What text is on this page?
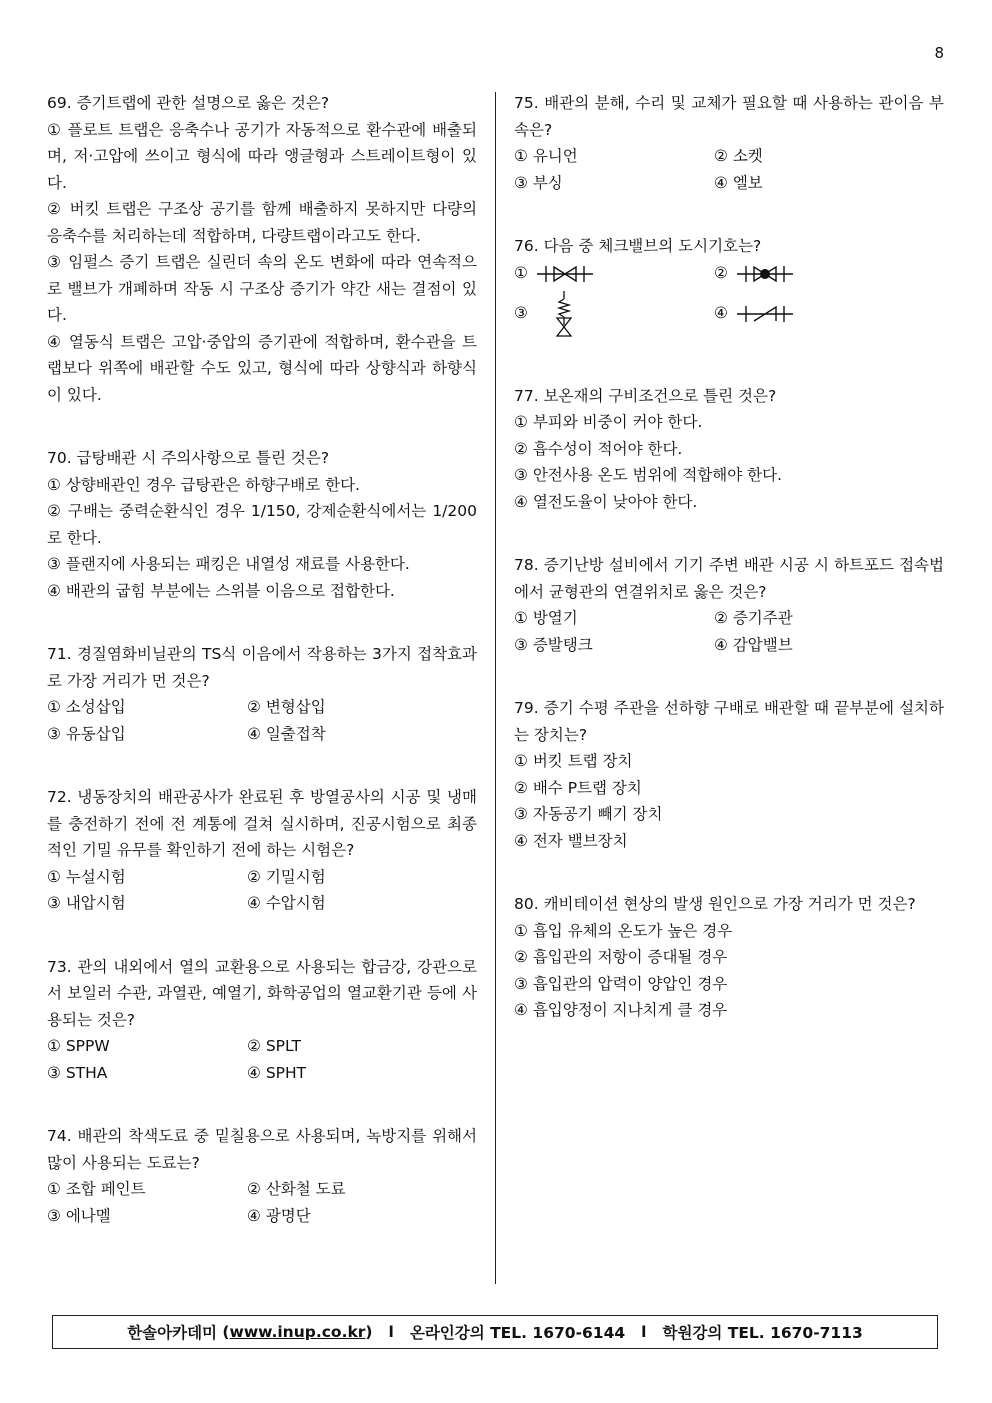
8
69. 증기트랩에 관한 설명으로 옳은 것은?
① 플로트 트랩은 응축수나 공기가 자동적으로 환수관에 배출되며, 저·고압에 쓰이고 형식에 따라 앵글형과 스트레이트형이 있다.
② 버킷 트랩은 구조상 공기를 함께 배출하지 못하지만 다량의 응축수를 처리하는데 적합하며, 다량트랩이라고도 한다.
③ 임펄스 증기 트랩은 실린더 속의 온도 변화에 따라 연속적으로 밸브가 개폐하며 작동 시 구조상 증기가 약간 새는 결점이 있다.
④ 열동식 트랩은 고압·중압의 증기관에 적합하며, 환수관을 트랩보다 위쪽에 배관할 수도 있고, 형식에 따라 상향식과 하향식이 있다.
70. 급탕배관 시 주의사항으로 틀린 것은?
① 상향배관인 경우 급탕관은 하향구배로 한다.
② 구배는 중력순환식인 경우 1/150, 강제순환식에서는 1/200로 한다.
③ 플랜지에 사용되는 패킹은 내열성 재료를 사용한다.
④ 배관의 굽힘 부분에는 스위블 이음으로 접합한다.
71. 경질염화비닐관의 TS식 이음에서 작용하는 3가지 접착효과로 가장 거리가 먼 것은?
① 소성삽입	② 변형삽입
③ 유동삽입	④ 일출접착
72. 냉동장치의 배관공사가 완료된 후 방열공사의 시공 및 냉매를 충전하기 전에 전 계통에 걸쳐 실시하며, 진공시험으로 최종적인 기밀 유무를 확인하기 전에 하는 시험은?
① 누설시험	② 기밀시험
③ 내압시험	④ 수압시험
73. 관의 내외에서 열의 교환용으로 사용되는 합금강, 강관으로서 보일러 수관, 과열관, 예열기, 화학공업의 열교환기관 등에 사용되는 것은?
① SPPW	② SPLT
③ STHA	④ SPHT
74. 배관의 착색도료 중 밑칠용으로 사용되며, 녹방지를 위해서 많이 사용되는 도료는?
① 조합 페인트	② 산화철 도료
③ 에나멜	④ 광명단
75. 배관의 분해, 수리 및 교체가 필요할 때 사용하는 관이음 부속은?
① 유니언	② 소켓
③ 부싱	④ 엘보
76. 다음 중 체크밸브의 도시기호는?
①	②
③	④
77. 보온재의 구비조건으로 틀린 것은?
① 부피와 비중이 커야 한다.
② 흡수성이 적어야 한다.
③ 안전사용 온도 범위에 적합해야 한다.
④ 열전도율이 낮아야 한다.
78. 증기난방 설비에서 기기 주변 배관 시공 시 하트포드 접속법에서 균형관의 연결위치로 옳은 것은?
① 방열기	② 증기주관
③ 증발탱크	④ 감압밸브
79. 증기 수평 주관을 선하향 구배로 배관할 때 끝부분에 설치하는 장치는?
① 버킷 트랩 장치
② 배수 P트랩 장치
③ 자동공기 빼기 장치
④ 전자 밸브장치
80. 캐비테이션 현상의 발생 원인으로 가장 거리가 먼 것은?
① 흡입 유체의 온도가 높은 경우
② 흡입관의 저항이 증대될 경우
③ 흡입관의 압력이 양압인 경우
④ 흡입양정이 지나치게 클 경우
한솔아카데미 ( www.inup.co.kr ) l 온라인강의 TEL. 1670-6144 l 학원강의 TEL. 1670-7113
